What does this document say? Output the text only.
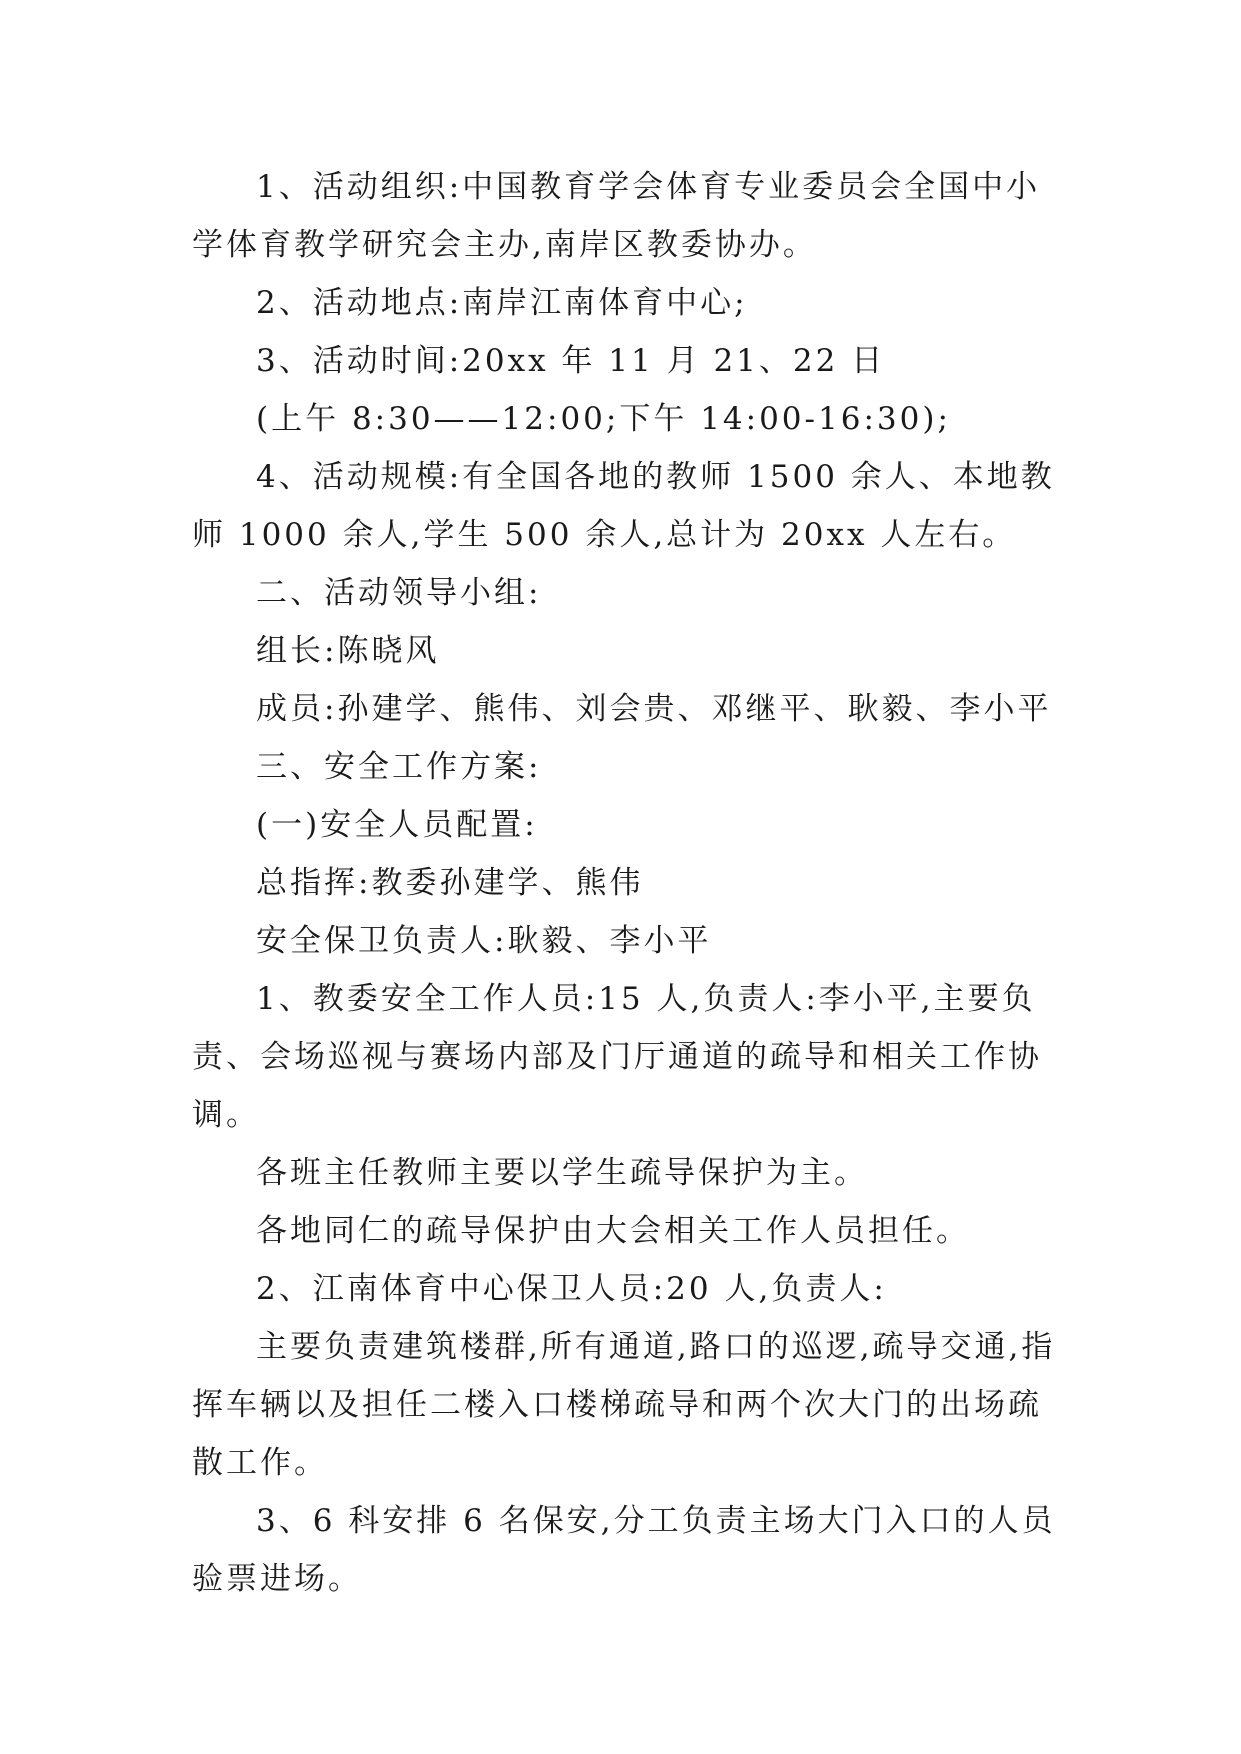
1、活动组织:中国教育学会体育专业委员会全国中小学体育教学研究会主办,南岸区教委协办。

2、活动地点:南岸江南体育中心;

3、活动时间:20xx 年 11 月 21、22 日

(上午 8:30——12:00;下午 14:00-16:30);

4、活动规模:有全国各地的教师 1500 余人、本地教师 1000 余人,学生 500 余人,总计为 20xx 人左右。

二、活动领导小组:

组长:陈晓风

成员:孙建学、熊伟、刘会贵、邓继平、耿毅、李小平

三、安全工作方案:

(一)安全人员配置:

总指挥:教委孙建学、熊伟

安全保卫负责人:耿毅、李小平

1、教委安全工作人员:15 人,负责人:李小平,主要负责、会场巡视与赛场内部及门厅通道的疏导和相关工作协调。

各班主任教师主要以学生疏导保护为主。

各地同仁的疏导保护由大会相关工作人员担任。

2、江南体育中心保卫人员:20 人,负责人:

主要负责建筑楼群,所有通道,路口的巡逻,疏导交通,指挥车辆以及担任二楼入口楼梯疏导和两个次大门的出场疏散工作。

3、6 科安排 6 名保安,分工负责主场大门入口的人员验票进场。
